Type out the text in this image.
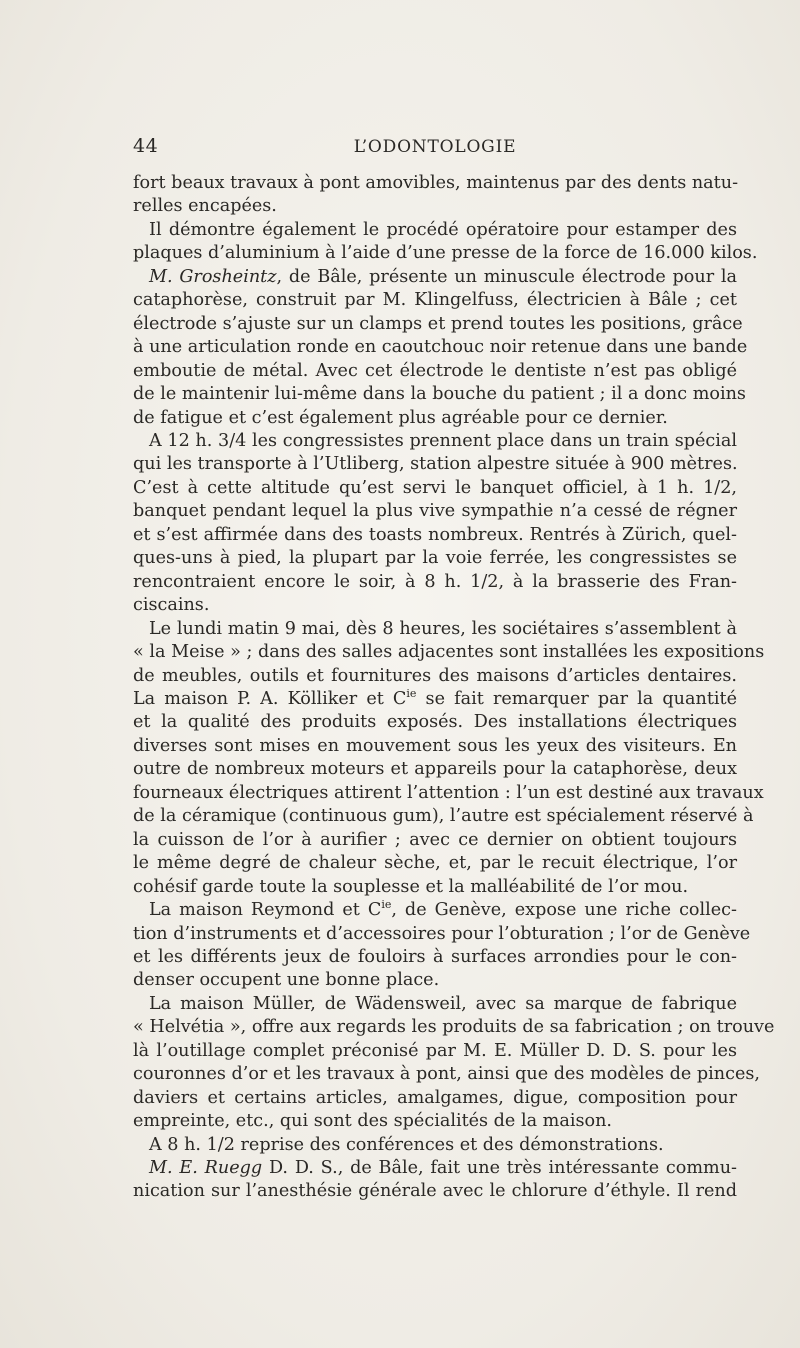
44	L’ODONTOLOGIE
fort beaux travaux à pont amovibles, maintenus par des dents natu-
relles encapées.
Il démontre également le procédé opératoire pour estamper des
plaques d’aluminium à l’aide d’une presse de la force de 16.000 kilos.
M. Grosheintz, de Bâle, présente un minuscule électrode pour la
cataphorèse, construit par M. Klingelfuss, électricien à Bâle ; cet
électrode s’ajuste sur un clamps et prend toutes les positions, grâce
à une articulation ronde en caoutchouc noir retenue dans une bande
emboutie de métal. Avec cet électrode le dentiste n’est pas obligé
de le maintenir lui-même dans la bouche du patient ; il a donc moins
de fatigue et c’est également plus agréable pour ce dernier.
A 12 h. 3/4 les congressistes prennent place dans un train spécial
qui les transporte à l’Utliberg, station alpestre située à 900 mètres.
C’est à cette altitude qu’est servi le banquet officiel, à 1 h. 1/2,
banquet pendant lequel la plus vive sympathie n’a cessé de régner
et s’est affirmée dans des toasts nombreux. Rentrés à Zürich, quel-
ques-uns à pied, la plupart par la voie ferrée, les congressistes se
rencontraient encore le soir, à 8 h. 1/2, à la brasserie des Fran-
ciscains.
Le lundi matin 9 mai, dès 8 heures, les sociétaires s’assemblent à
« la Meise » ; dans des salles adjacentes sont installées les expositions
de meubles, outils et fournitures des maisons d’articles dentaires.
La maison P. A. Kölliker et $C^{ie}$ se fait remarquer par la quantité
et la qualité des produits exposés. Des installations électriques
diverses sont mises en mouvement sous les yeux des visiteurs. En
outre de nombreux moteurs et appareils pour la cataphorèse, deux
fourneaux électriques attirent l’attention : l’un est destiné aux travaux
de la céramique (continuous gum), l’autre est spécialement réservé à
la cuisson de l’or à aurifier ; avec ce dernier on obtient toujours
le même degré de chaleur sèche, et, par le recuit électrique, l’or
cohésif garde toute la souplesse et la malléabilité de l’or mou.
La maison Reymond et $C^{ie}$, de Genève, expose une riche collec-
tion d’instruments et d’accessoires pour l’obturation ; l’or de Genève
et les différents jeux de fouloirs à surfaces arrondies pour le con-
denser occupent une bonne place.
La maison Müller, de Wädensweil, avec sa marque de fabrique
« Helvétia », offre aux regards les produits de sa fabrication ; on trouve
là l’outillage complet préconisé par M. E. Müller D. D. S. pour les
couronnes d’or et les travaux à pont, ainsi que des modèles de pinces,
daviers et certains articles, amalgames, digue, composition pour
empreinte, etc., qui sont des spécialités de la maison.
A 8 h. 1/2 reprise des conférences et des démonstrations.
M. E. Ruegg D. D. S., de Bâle, fait une très intéressante commu-
nication sur l’anesthésie générale avec le chlorure d’éthyle. Il rend
